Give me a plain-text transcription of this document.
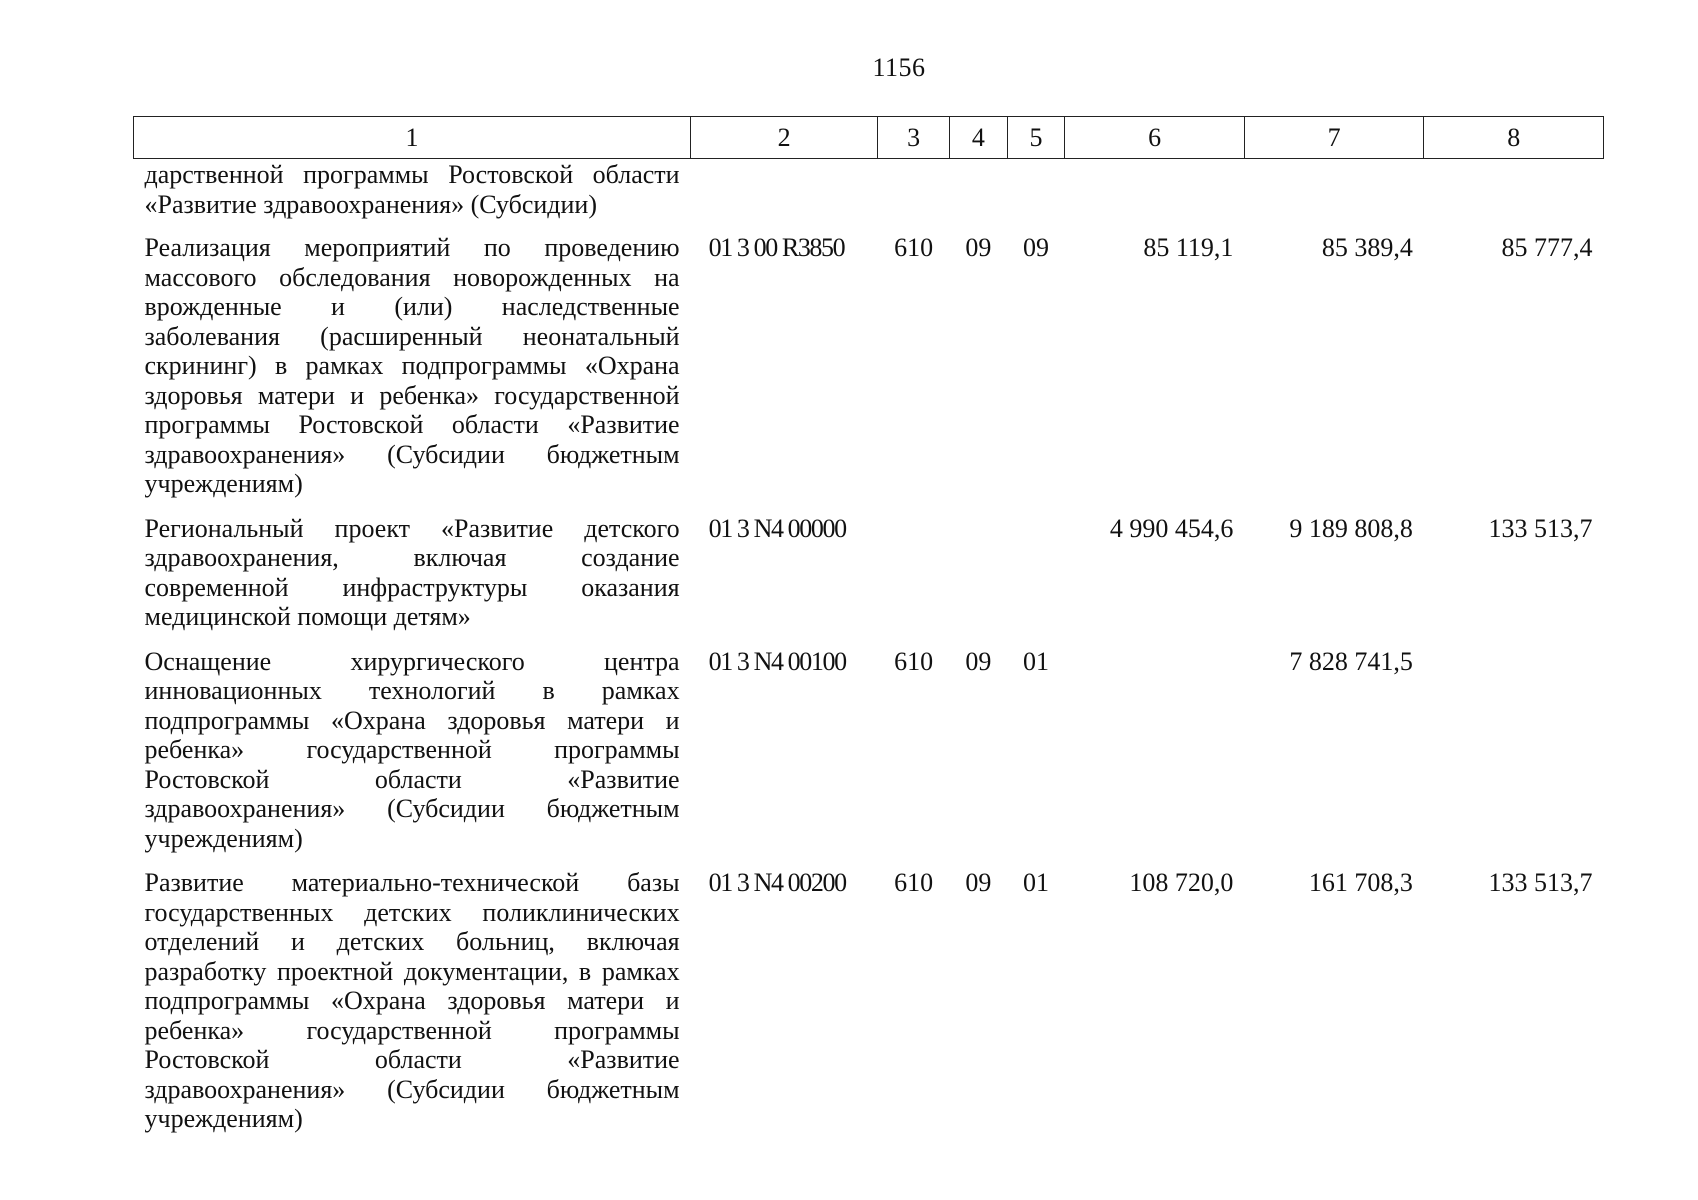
1156
1	2	3	4	5	6	7	8
дарственной программы Ростовской области «Развитие здравоохранения» (Субсидии)							
Реализация мероприятий по проведению массового обследования новорожденных на врожденные и (или) наследственные заболевания (расширенный неонатальный скрининг) в рамках подпрограммы «Охрана здоровья матери и ребенка» государственной программы Ростовской области «Развитие здравоохранения» (Субсидии бюджетным учреждениям)	01 3 00 R3850	610	09	09	85 119,1	85 389,4	85 777,4
Региональный проект «Развитие детского здравоохранения, включая создание современной инфраструктуры оказания медицинской помощи детям»	01 3 N4 00000				4 990 454,6	9 189 808,8	133 513,7
Оснащение хирургического центра инновационных технологий в рамках подпрограммы «Охрана здоровья матери и ребенка» государственной программы Ростовской области «Развитие здравоохранения» (Субсидии бюджетным учреждениям)	01 3 N4 00100	610	09	01		7 828 741,5	
Развитие материально-технической базы государственных детских поликлинических отделений и детских больниц, включая разработку проектной документации, в рамках подпрограммы «Охрана здоровья матери и ребенка» государственной программы Ростовской области «Развитие здравоохранения» (Субсидии бюджетным учреждениям)	01 3 N4 00200	610	09	01	108 720,0	161 708,3	133 513,7
